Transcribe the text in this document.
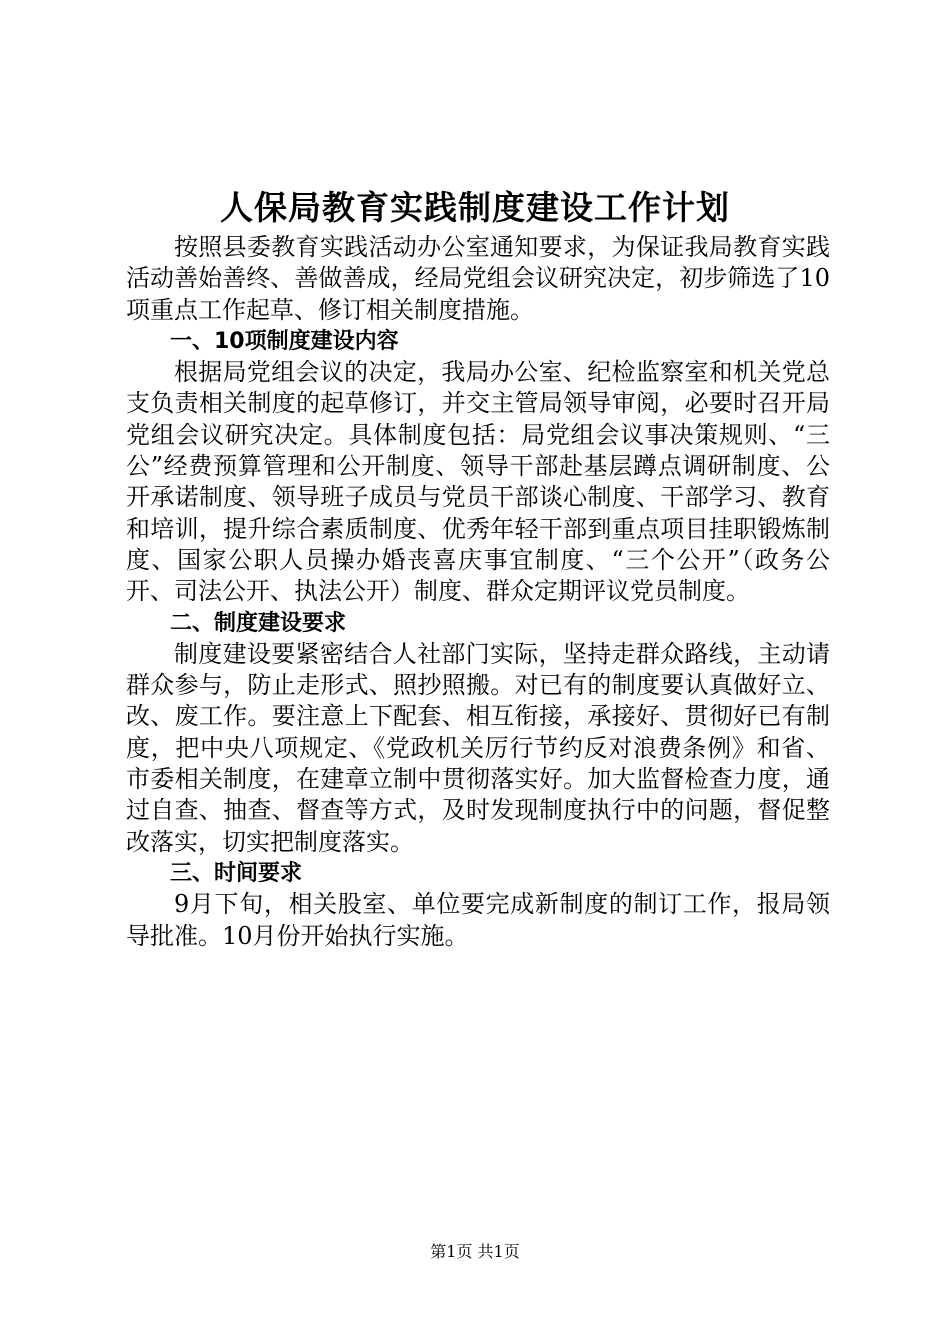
人保局教育实践制度建设工作计划

按照县委教育实践活动办公室通知要求，为保证我局教育实践活动善始善终、善做善成，经局党组会议研究决定，初步筛选了10项重点工作起草、修订相关制度措施。

一、10项制度建设内容

根据局党组会议的决定，我局办公室、纪检监察室和机关党总支负责相关制度的起草修订，并交主管局领导审阅，必要时召开局党组会议研究决定。具体制度包括：局党组会议事决策规则、“三公”经费预算管理和公开制度、领导干部赴基层蹲点调研制度、公开承诺制度、领导班子成员与党员干部谈心制度、干部学习、教育和培训，提升综合素质制度、优秀年轻干部到重点项目挂职锻炼制度、国家公职人员操办婚丧喜庆事宜制度、“三个公开”（政务公开、司法公开、执法公开）制度、群众定期评议党员制度。

二、制度建设要求

制度建设要紧密结合人社部门实际，坚持走群众路线，主动请群众参与，防止走形式、照抄照搬。对已有的制度要认真做好立、改、废工作。要注意上下配套、相互衔接，承接好、贯彻好已有制度，把中央八项规定、《党政机关厉行节约反对浪费条例》和省、市委相关制度，在建章立制中贯彻落实好。加大监督检查力度，通过自查、抽查、督查等方式，及时发现制度执行中的问题，督促整改落实，切实把制度落实。

三、时间要求

9月下旬，相关股室、单位要完成新制度的制订工作，报局领导批准。10月份开始执行实施。

第1页 共1页
